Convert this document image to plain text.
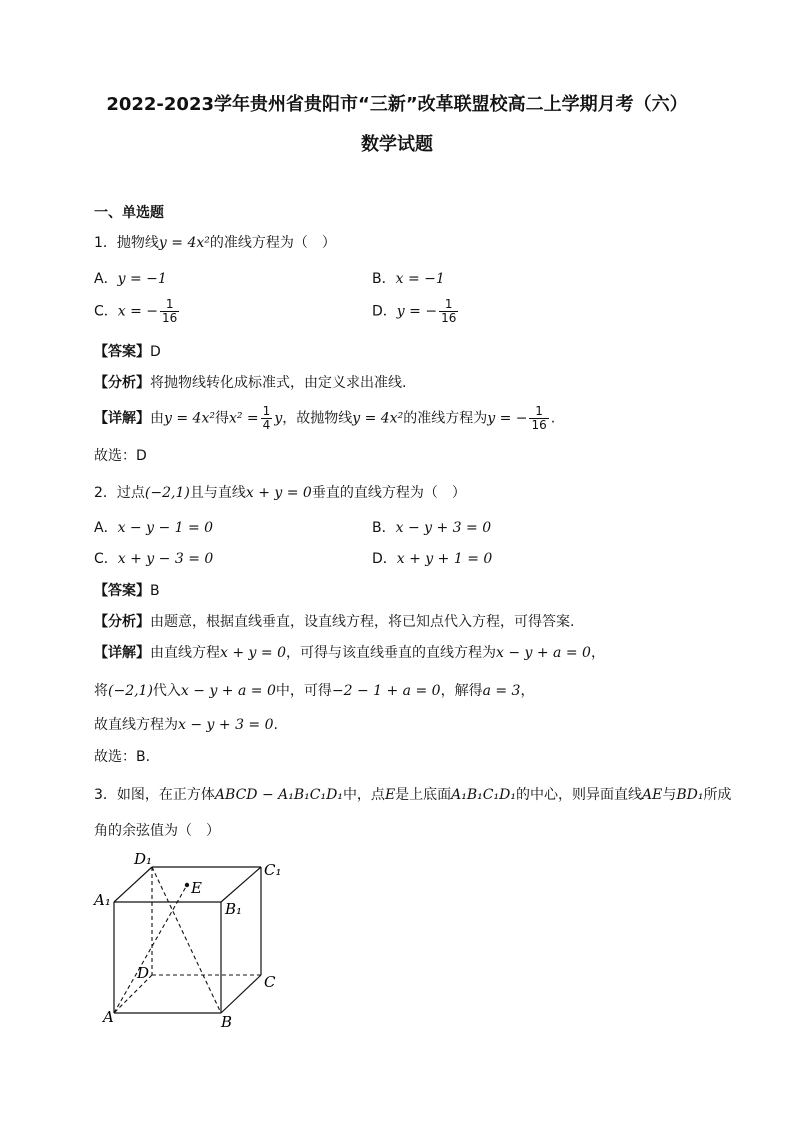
2022-2023学年贵州省贵阳市“三新”改革联盟校高二上学期月考（六）
数学试题
一、单选题
1．抛物线y = 4x²的准线方程为（　）
A．y = −1	B．x = −1
C．x = − $\frac{1}{16}$	D．y = − $\frac{1}{16}$
【答案】D
【分析】将抛物线转化成标准式，由定义求出准线.
【详解】由y = 4x²得$x^2 = \frac{1}{4}$ y，故抛物线y = 4x²的准线方程为y = − $\frac{1}{16}$ .
故选：D
2．过点(−2,1)且与直线x + y = 0垂直的直线方程为（　）
A．x − y − 1 = 0	B．x − y + 3 = 0
C．x + y − 3 = 0	D．x + y + 1 = 0
【答案】B
【分析】由题意，根据直线垂直，设直线方程，将已知点代入方程，可得答案.
【详解】由直线方程x + y = 0，可得与该直线垂直的直线方程为x − y + a = 0，
将(−2,1)代入x − y + a = 0中，可得−2 − 1 + a = 0，解得a = 3，
故直线方程为x − y + 3 = 0.
故选：B.
3．如图，在正方体ABCD − A₁B₁C₁D₁中，点E是上底面A₁B₁C₁D₁的中心，则异面直线AE与BD₁所成
角的余弦值为（　）
D₁
C₁
A₁	B₁
E
D	C
A	B
